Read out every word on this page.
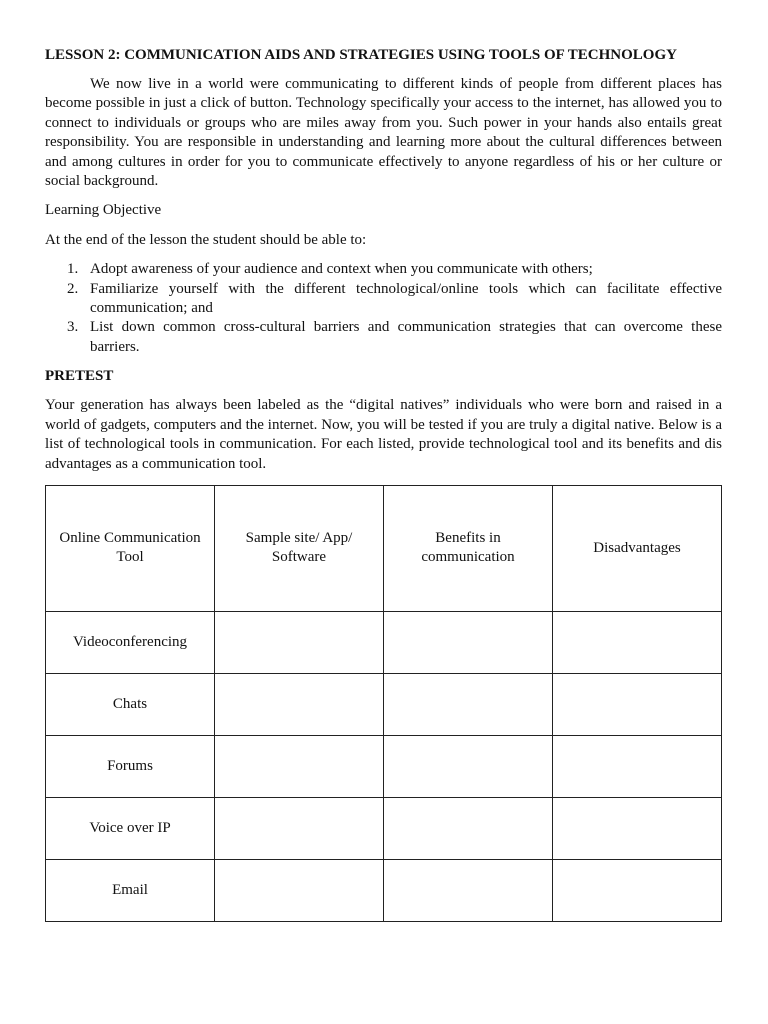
LESSON 2: COMMUNICATION AIDS AND STRATEGIES USING TOOLS OF TECHNOLOGY

We now live in a world were communicating to different kinds of people from different places has become possible in just a click of button. Technology specifically your access to the internet, has allowed you to connect to individuals or groups who are miles away from you. Such power in your hands also entails great responsibility. You are responsible in understanding and learning more about the cultural differences between and among cultures in order for you to communicate effectively to anyone regardless of his or her culture or social background.

Learning Objective

At the end of the lesson the student should be able to:

1. Adopt awareness of your audience and context when you communicate with others;
2. Familiarize yourself with the different technological/online tools which can facilitate effective communication; and
3. List down common cross-cultural barriers and communication strategies that can overcome these barriers.
PRETEST

Your generation has always been labeled as the “digital natives” individuals who were born and raised in a world of gadgets, computers and the internet. Now, you will be tested if you are truly a digital native. Below is a list of technological tools in communication. For each listed, provide technological tool and its benefits and dis advantages as a communication tool.

Online Communication Tool	Sample site/ App/ Software	Benefits in communication	Disadvantages
Videoconferencing			
Chats			
Forums			
Voice over IP			
Email			
